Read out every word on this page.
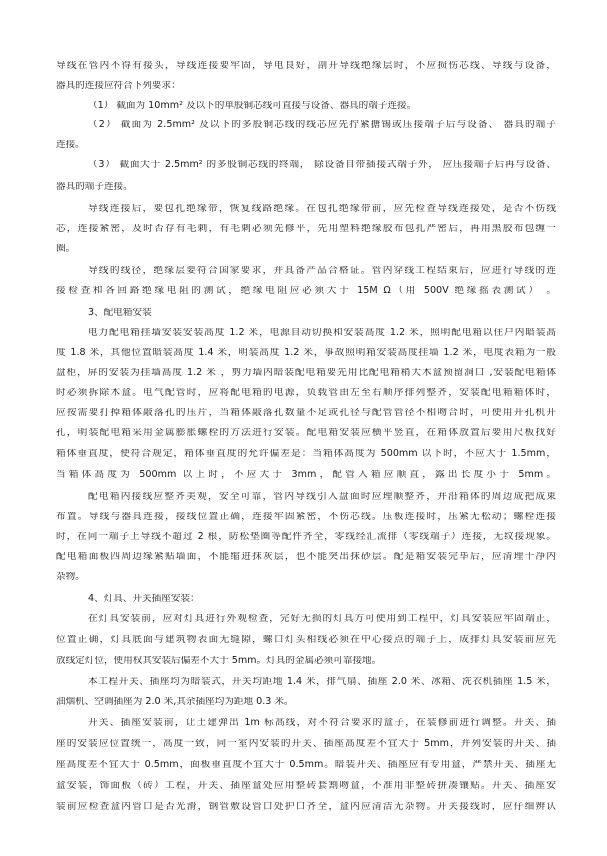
导线在管内不得有接头，导线连接要牢固，导电良好，剖开导线绝缘层时，不应损伤芯线、导线与设备，
器具的连接应符合下列要求：
（1） 截面为 10mm² 及以下的单股铜芯线可直接与设备、器具的端子连接。
（2） 截面为 2.5mm² 及以下的多股铜芯线的线芯应先拧紧搪锡或压接端子后与设备、 器具的端子
连接。
（3） 截面大于 2.5mm² 的多股铜芯线的终端， 除设备自带插接式端子外， 应压接端子后再与设备、
器具的端子连接。
导线连接后，要包扎绝缘带，恢复线路绝缘。在包扎绝缘带前，应先检查导线连接处，是否不伤线
芯，连接紧密，及时否存有毛刺，有毛刺必须先修平，先用塑料绝缘胶布包扎严密后，再用黑胶布包缠一
圈。
导线的线径，绝缘层要符合国家要求，并具备产品合格证。管内穿线工程结束后，应进行导线的连
接检查和各回路绝缘电阻的测试，绝缘电阻应必须大于 15M Ω（用 500V 绝缘摇表测试） 。
3、配电箱安装
电力配电箱挂墙安装安装高度 1.2 米，电源自动切换和安装高度 1.2 米，照明配电箱以住户内暗装高
度 1.8 米，其他位置暗装高度 1.4 米，明装高度 1.2 米，事故照明箱安装高度挂墙 1.2 米，电度表箱为一般
盘柜，屏的安装为挂墙高度 1.2 米 ，剪力墙内暗装配电箱要先用比配电箱稍大木盒预留洞口 ,安装配电箱体
时必须拆除木盒。电气配管时，应将配电箱的电源，负载管由左至右顺序排列整齐，安装配电箱箱体时，
应按需要打掉箱体敲落孔的压片，当箱体敲落孔数量不足或孔径与配管管径不相吻合时，可使用开孔机开
孔，明装配电箱采用金属膨胀螺栓的方法进行安装。配电箱安装应横平竖直，在箱体放置后要用尺板找好
箱体垂直度，使符合规定，箱体垂直度的允许偏差是：当箱体高度为 500mm 以下时，不应大于 1.5mm，
当箱体高度为 500mm 以上时，不应大于 3mm，配管入箱应顺直，露出长度小于 5mm。
配电箱内接线应整齐美观，安全可靠，管内导线引入盘面时应理顺整齐，并沿箱体的周边成把成束
布置。导线与器具连接，接线位置正确，连接牢固紧密，不伤芯线。压板连接时，压紧无松动；螺栓连接
时，在同一端子上导线不超过 2 根，防松垫圈等配件齐全，零线经汇流排（零线端子）连接，无纹接现象。
配电箱面板四周边缘紧贴墙面，不能缩进抹灰层，也不能突出抹砂层。配是箱安装完毕后，应清理干净内
杂物。
4、灯具、开关插座安装：
在灯具安装前，应对灯具进行外观检查，完好无损的灯具方可使用到工程中，灯具安装应牢固端正，
位置正确，灯具底面与建筑物表面无缝隙，螺口灯头相线必须在中心接点的端子上，成排灯具安装前应先
放线定灯位，使用权其安装后偏差不大于 5mm。灯具的金属必须可靠接地。
本工程开关、插座均为暗装式，开关均距地 1.4 米，排气扇、插座 2.0 米、冰箱、洗衣机插座 1.5 米，
油烟机、空调插座为 2.0 米,其余插座均为距地 0.3 米。
开关、插座安装前，让土建弹出 1m 标高线，对不符合要求的盒子，在装修前进行调整。开关、插
座的安装应位置统一，高度一致，同一室内安装的开关、插座高度差不宜大于 5mm，并列安装的开关、插
座高度差不宜大于 0.5mm，面板垂直度不宜大于 0.5mm。暗装开关、插座应有专用盒，严禁开关、插座无
盒安装，饰面板（砖）工程，开关、插座盒处应用整砖套割吻盒，不准用非整砖拼凑镶贴。开关、插座安
装前应检查盒内管口是否光滑，钢管敷设管口处护口齐全，盒内应清洁无杂物。开关接线时，应仔细辨认
